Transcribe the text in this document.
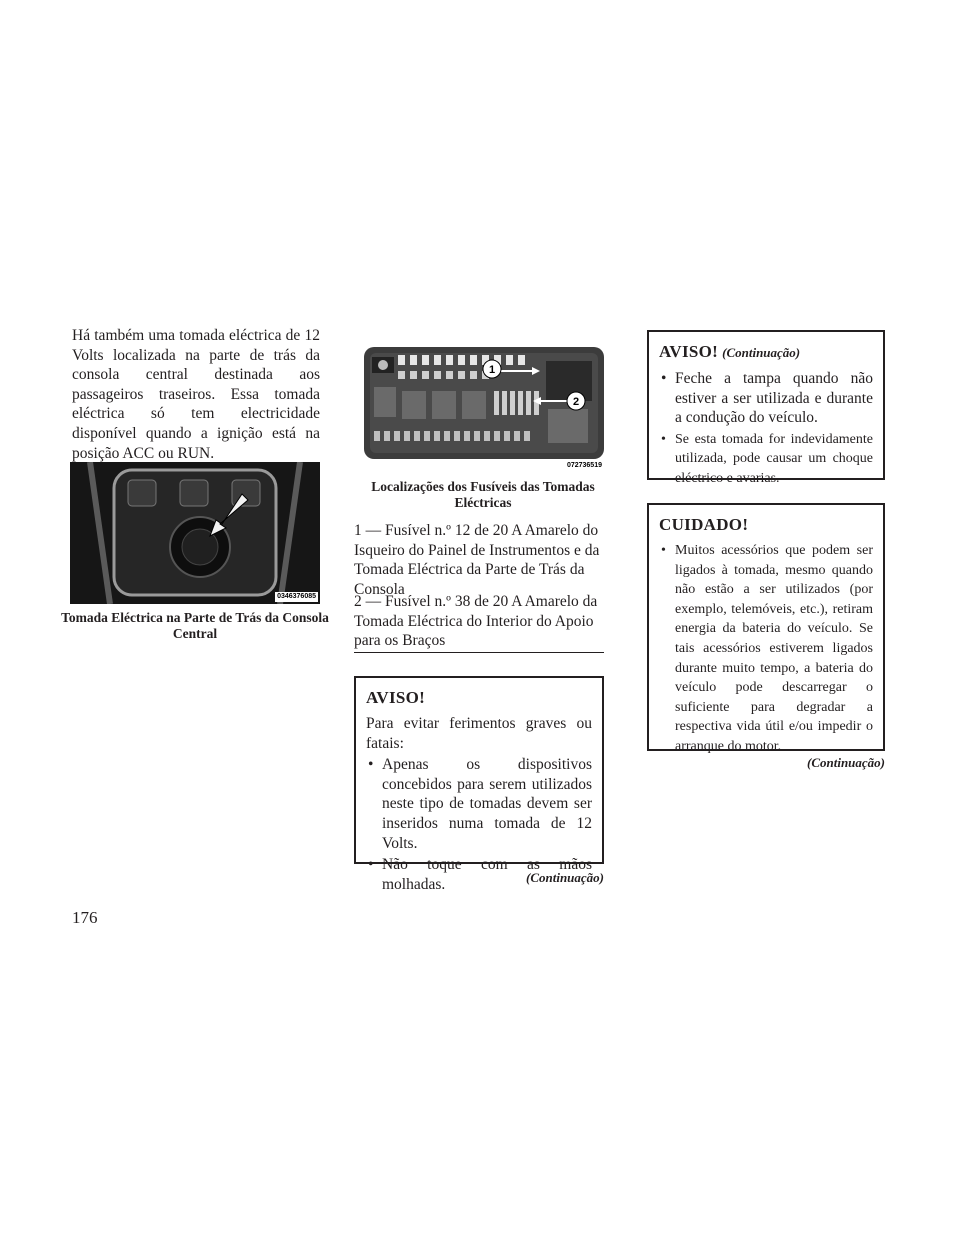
Há também uma tomada eléctrica de 12 Volts localizada na parte de trás da consola central destinada aos passageiros traseiros. Essa tomada eléctrica só tem electricidade disponível quando a ignição está na posição ACC ou RUN.

0346376085

Tomada Eléctrica na Parte de Trás da Consola Central

1
2
072736519

Localizações dos Fusíveis das Tomadas Eléctricas

1 — Fusível n.º 12 de 20 A Amarelo do Isqueiro do Painel de Instrumentos e da Tomada Eléctrica da Parte de Trás da Consola

2 — Fusível n.º 38 de 20 A Amarelo da Tomada Eléctrica do Interior do Apoio para os Braços

AVISO!

Para evitar ferimentos graves ou fatais:

• Apenas os dispositivos concebidos para serem utilizados neste tipo de tomadas devem ser inseridos numa tomada de 12 Volts.
• Não toque com as mãos molhadas.	(Continuação)

AVISO! (Continuação)

• Feche a tampa quando não estiver a ser utilizada e durante a condução do veículo.
• Se esta tomada for indevidamente utilizada, pode causar um choque eléctrico e avarias.

CUIDADO!

• Muitos acessórios que podem ser ligados à tomada, mesmo quando não estão a ser utilizados (por exemplo, telemóveis, etc.), retiram energia da bateria do veículo. Se tais acessórios estiverem ligados durante muito tempo, a bateria do veículo pode descarregar o suficiente para degradar a respectiva vida útil e/ou impedir o arranque do motor.
(Continuação)
176
